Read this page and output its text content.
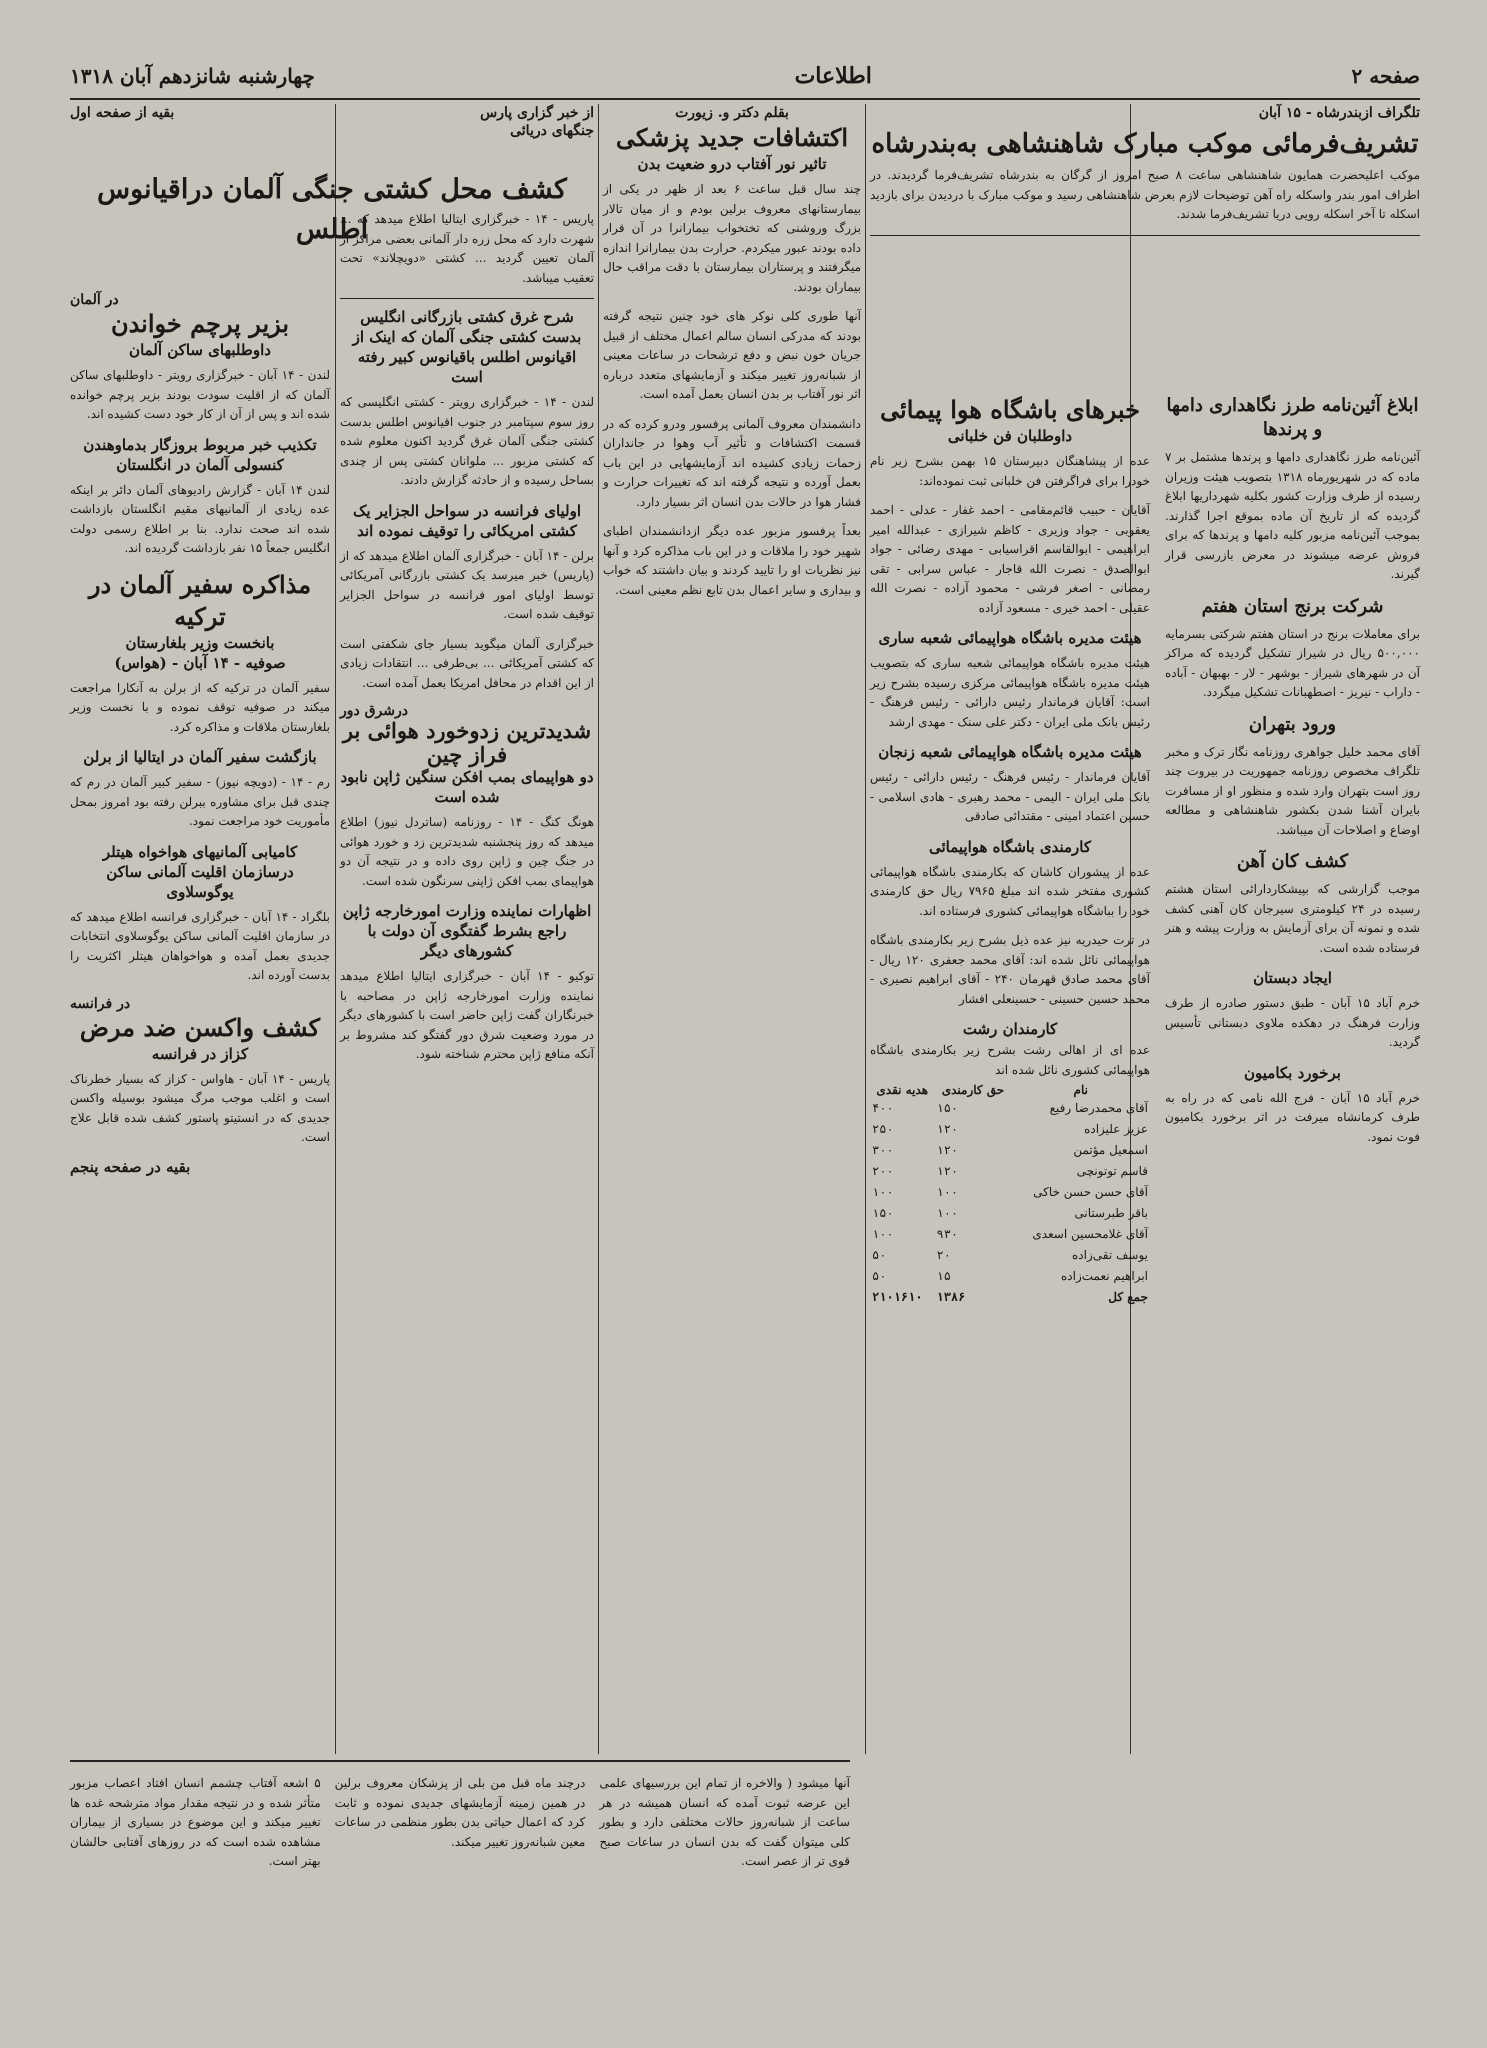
صفحه ۲
اطلاعات
چهارشنبه شانزدهم آبان ۱۳۱۸
تلگراف ازبندرشاه - ۱۵ آبان
تشریف‌فرمائی موکب مبارک شاهنشاهی به‌بندرشاه
موکب اعلیحضرت همایون شاهنشاهی ساعت ۸ صبح امروز از گرگان به بندرشاه تشریف‌فرما گردیدند. در اطراف امور بندر واسکله راه آهن توضیحات لازم بعرض شاهنشاهی رسید و موکب مبارک با دردیدن برای بازدید اسکله تا آخر اسکله رویی دریا تشریف‌فرما شدند.
ابلاغ آئین‌نامه طرز نگاهداری دامها و پرندها
آئین‌نامه طرز نگاهداری دامها و پرندها مشتمل بر ۷ ماده که در شهریورماه ۱۳۱۸ بتصویب هیئت وزیران رسیده از طرف وزارت کشور بکلیه شهرداریها ابلاغ گردیده که از تاریخ آن ماده بموقع اجرا گذارند. بموجب آئین‌نامه مزبور کلیه دامها و پرندها که برای فروش عرضه میشوند در معرض بازرسی قرار گیرند.
شرکت برنج استان هفتم
برای معاملات برنج در استان هفتم شرکتی بسرمایه ۵۰۰,۰۰۰ ریال در شیراز تشکیل گردیده که مراکز آن در شهرهای شیراز - بوشهر - لار - بهبهان - آباده - داراب - نیریز - اصطهبانات تشکیل میگردد.
ورود بتهران
آقای محمد خلیل جواهری روزنامه نگار ترک و مخبر تلگراف مخصوص روزنامه جمهوریت در بیروت چند روز است بتهران وارد شده و منظور او از مسافرت بایران آشنا شدن بکشور شاهنشاهی و مطالعه اوضاع و اصلاحات آن میباشد.
کشف کان آهن
موجب گزارشی که بپیشکاردارائی استان هشتم رسیده در ۲۴ کیلومتری سیرجان کان آهنی کشف شده و نمونه آن برای آزمایش به وزارت پیشه و هنر فرستاده شده است.
ایجاد دبستان
خرم آباد ۱۵ آبان - طبق دستور صادره از طرف وزارت فرهنگ در دهکده ملاوی دبستانی تأسیس گردید.
برخورد بکامیون
خرم آباد ۱۵ آبان - فرج الله نامی که در راه به طرف کرمانشاه میرفت در اثر برخورد بکامیون فوت نمود.
خبرهای باشگاه هوا پیمائی
داوطلبان فن خلبانی
عده از پیشاهنگان دبیرستان ۱۵ بهمن بشرح زیر نام خودرا برای فراگرفتن فن خلبانی ثبت نموده‌اند:
آقایان - حبیب قائم‌مقامی - احمد غفار - عدلی - احمد یعقوبی - جواد وزیری - کاظم شیرازی - عبدالله امیر ابراهیمی - ابوالقاسم اقراسیابی - مهدی رضائی - جواد ابوالصدق - نصرت الله قاجار - عباس سرابی - تقی رمضانی - اصغر فرشی - محمود آزاده - نصرت الله عقیلی - احمد خیری - مسعود آزاده
هیئت مدیره باشگاه هواپیمائی شعبه ساری
هیئت مدیره باشگاه هواپیمائی شعبه ساری که بتصویب هیئت مدیره باشگاه هواپیمائی مرکزی رسیده بشرح زیر است: آقایان فرماندار رئیس دارائی - رئیس فرهنگ - رئیس بانک ملی ایران - دکتر علی سنک - مهدی ارشد
هیئت مدیره باشگاه هواپیمائی شعبه زنجان
آقایان فرماندار - رئیس فرهنگ - رئیس دارائی - رئیس بانک ملی ایران - الیمی - محمد رهبری - هادی اسلامی - حسین اعتماد امینی - مقتدائی صادقی
کارمندی باشگاه هواپیمائی
عده از پیشوران کاشان که بکارمندی باشگاه هواپیمائی کشوری مفتخر شده اند مبلغ ۷۹۶۵ ریال حق کارمندی خود را بباشگاه هواپیمائی کشوری فرستاده اند.
در ترت حیدریه نیز عده ذیل بشرح زیر بکارمندی باشگاه هواپیمائی نائل شده اند: آقای محمد جعفری ۱۲۰ ریال - آقای محمد صادق قهرمان ۲۴۰ - آقای ابراهیم نصیری - محمد حسین حسینی - حسینعلی افشار
کارمندان رشت
عده ای از اهالی رشت بشرح زیر بکارمندی باشگاه هواپیمائی کشوری نائل شده اند
نام	حق کارمندی	هدیه نقدی
آقای محمدرضا رفیع	۱۵۰	۴۰۰
عزیز علیزاده	۱۲۰	۲۵۰
اسمعیل مؤتمن	۱۲۰	۳۰۰
قاسم توتونچی	۱۲۰	۲۰۰
آقای حسن حسن خاکی	۱۰۰	۱۰۰
باقر طبرستانی	۱۰۰	۱۵۰
آقای غلامحسین اسعدی	۹۳۰	۱۰۰
یوسف تقی‌زاده	۲۰	۵۰
ابراهیم نعمت‌زاده	۱۵	۵۰
جمع کل	۱۳۸۶	۲۱۰۱۶۱۰
بقلم دکتر و. زیورت
اکتشافات جدید پزشکی
تاثیر نور آفتاب درو ضعیت بدن
چند سال قبل ساعت ۶ بعد از ظهر در یکی از بیمارستانهای معروف برلین بودم و از میان تالار بزرگ وروشنی که تختخواب بیمارانرا در آن قرار داده بودند عبور میکردم. حرارت بدن بیمارانرا اندازه میگرفتند و پرستاران بیمارستان با دقت مراقب حال بیماران بودند.
آنها طوری کلی نوکر های خود چنین نتیجه گرفته بودند که مدرکی انسان سالم اعمال مختلف از قبیل جریان خون نبض و دفع ترشحات در ساعات معینی از شبانه‌روز تغییر میکند و آزمایشهای متعدد درباره اثر نور آفتاب بر بدن انسان بعمل آمده است.
دانشمندان معروف آلمانی پرفسور ودرو کرده که در قسمت اکتشافات و تأثیر آب وهوا در جانداران زحمات زیادی کشیده اند آزمایشهایی در این باب بعمل آورده و نتیجه گرفته اند که تغییرات حرارت و فشار هوا در حالات بدن انسان اثر بسیار دارد.
بعداً پرفسور مزبور عده دیگر ازدانشمندان اطبای شهیر خود را ملاقات و در این باب مذاکره کرد و آنها نیز نظریات او را تایید کردند و بیان داشتند که خواب و بیداری و سایر اعمال بدن تابع نظم معینی است.
از خبر گزاری پارس
جنگهای دریائی
پاریس - ۱۴ - خبرگزاری ایتالیا اطلاع میدهد که ... شهرت دارد که محل زره دار آلمانی بعضی مراکز از آلمان تعیین گردید ... کشتی «دویچلاند» تحت تعقیب میباشد.
شرح غرق کشتی بازرگانی انگلیس بدست کشتی جنگی آلمان که اینک از اقیانوس اطلس باقیانوس کبیر رفته است
لندن - ۱۴ - خبرگزاری رویتر - کشتی انگلیسی که روز سوم سپتامبر در جنوب اقیانوس اطلس بدست کشتی جنگی آلمان غرق گردید اکنون معلوم شده که کشتی مزبور ... ملوانان کشتی پس از چندی بساحل رسیده و از حادثه گزارش دادند.
اولیای فرانسه در سواحل الجزایر یک کشتی امریکائی را توقیف نموده اند
برلن - ۱۴ آبان - خبرگزاری آلمان اطلاع میدهد که از (پاریس) خبر میرسد یک کشتی بازرگانی آمریکائی توسط اولیای امور فرانسه در سواحل الجزایر توقیف شده است.
خبرگزاری آلمان میگوید بسیار جای شکفتی است که کشتی آمریکائی ... بی‌طرفی ... انتقادات زیادی از این اقدام در محافل امریکا بعمل آمده است.
درشرق دور
شدیدترین زدوخورد هوائی بر فراز چین
دو هواپیمای بمب افکن سنگین ژاپن نابود شده است
هونگ کنگ - ۱۴ - روزنامه (ساتردل نیوز) اطلاع میدهد که روز پنجشنبه شدیدترین زد و خورد هوائی در جنگ چین و ژاپن روی داده و در نتیجه آن دو هواپیمای بمب افکن ژاپنی سرنگون شده است.
اظهارات نماینده وزارت امورخارجه ژاپن راجع بشرط گفتگوی آن دولت با کشورهای دیگر
توکیو - ۱۴ آبان - خبرگزاری ایتالیا اطلاع میدهد نماینده وزارت امورخارجه ژاپن در مصاحبه با خبرنگاران گفت ژاپن حاضر است با کشورهای دیگر در مورد وضعیت شرق دور گفتگو کند مشروط بر آنکه منافع ژاپن محترم شناخته شود.
کشف محل کشتی جنگی آلمان دراقیانوس اطلس
بقیه از صفحه اول
در آلمان
بزیر پرچم خواندن
داوطلبهای ساکن آلمان
لندن - ۱۴ آبان - خبرگزاری رویتر - داوطلبهای ساکن آلمان که از اقلیت سودت بودند بزیر پرچم خوانده شده اند و پس از آن از کار خود دست کشیده اند.
تکذیب خبر مربوط بروزگار بدماوهندن کنسولی آلمان در انگلستان
لندن ۱۴ آبان - گزارش رادیوهای آلمان دائر بر اینکه عده زیادی از آلمانیهای مقیم انگلستان بازداشت شده اند صحت ندارد. بنا بر اطلاع رسمی دولت انگلیس جمعاً ۱۵ نفر بازداشت گردیده اند.
مذاکره سفیر آلمان در ترکیه
بانخست وزیر بلغارستان
صوفیه - ۱۴ آبان - (هواس)
سفیر آلمان در ترکیه که از برلن به آنکارا مراجعت میکند در صوفیه توقف نموده و با نخست وزیر بلغارستان ملاقات و مذاکره کرد.
بازگشت سفیر آلمان در ایتالیا از برلن
رم - ۱۴ - (دویچه نیوز) - سفیر کبیر آلمان در رم که چندی قبل برای مشاوره ببرلن رفته بود امروز بمحل مأموریت خود مراجعت نمود.
کامیابی آلمانیهای هواخواه هیتلر درسازمان اقلیت آلمانی ساکن یوگوسلاوی
بلگراد - ۱۴ آبان - خبرگزاری فرانسه اطلاع میدهد که در سازمان اقلیت آلمانی ساکن یوگوسلاوی انتخابات جدیدی بعمل آمده و هواخواهان هیتلر اکثریت را بدست آورده اند.
در فرانسه
کشف واکسن ضد مرض
کزاز در فرانسه
پاریس - ۱۴ آبان - هاواس - کزاز که بسیار خطرناک است و اغلب موجب مرگ میشود بوسیله واکسن جدیدی که در انستیتو پاستور کشف شده قابل علاج است.
بقیه در صفحه پنجم
آنها میشود ( والاخره از تمام این بررسیهای علمی این عرضه ثبوت آمده که انسان همیشه در هر ساعت از شبانه‌روز حالات مختلفی دارد و بطور کلی میتوان گفت که بدن انسان در ساعات صبح قوی تر از عصر است.
درچند ماه قبل من بلی از پزشکان معروف برلین در همین زمینه آزمایشهای جدیدی نموده و ثابت کرد که اعمال حیاتی بدن بطور منظمی در ساعات معین شبانه‌روز تغییر میکند.
۵ اشعه آفتاب چشمم انسان افتاد اعصاب مزبور متأثر شده و در نتیجه مقدار مواد مترشحه غده ها تغییر میکند و این موضوع در بسیاری از بیماران مشاهده شده است که در روزهای آفتابی حالشان بهتر است.
